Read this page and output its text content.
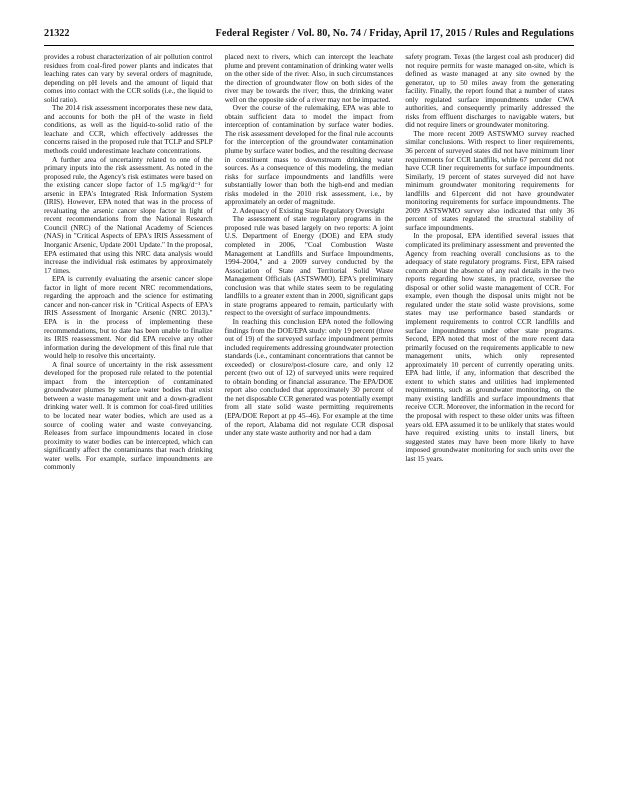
21322	Federal Register / Vol. 80, No. 74 / Friday, April 17, 2015 / Rules and Regulations

provides a robust characterization of air pollution control residues from coal-fired power plants and indicates that leaching rates can vary by several orders of magnitude, depending on pH levels and the amount of liquid that comes into contact with the CCR solids (i.e., the liquid to solid ratio).

The 2014 risk assessment incorporates these new data, and accounts for both the pH of the waste in field conditions, as well as the liquid-to-solid ratio of the leachate and CCR, which effectively addresses the concerns raised in the proposed rule that TCLP and SPLP methods could underestimate leachate concentrations.

A further area of uncertainty related to one of the primary inputs into the risk assessment. As noted in the proposed rule, the Agency's risk estimates were based on the existing cancer slope factor of 1.5 mg/kg/d⁻¹ for arsenic in EPA's Integrated Risk Information System (IRIS). However, EPA noted that was in the process of revaluating the arsenic cancer slope factor in light of recent recommendations from the National Research Council (NRC) of the National Academy of Sciences (NAS) in "Critical Aspects of EPA's IRIS Assessment of Inorganic Arsenic, Update 2001 Update." In the proposal, EPA estimated that using this NRC data analysis would increase the individual risk estimates by approximately 17 times.

EPA is currently evaluating the arsenic cancer slope factor in light of more recent NRC recommendations, regarding the approach and the science for estimating cancer and non-cancer risk in "Critical Aspects of EPA's IRIS Assessment of Inorganic Arsenic (NRC 2013)." EPA is in the process of implementing these recommendations, but to date has been unable to finalize its IRIS reassessment. Nor did EPA receive any other information during the development of this final rule that would help to resolve this uncertainty.

A final source of uncertainty in the risk assessment developed for the proposed rule related to the potential impact from the interception of contaminated groundwater plumes by surface water bodies that exist between a waste management unit and a down-gradient drinking water well. It is common for coal-fired utilities to be located near water bodies, which are used as a source of cooling water and waste conveyancing. Releases from surface impoundments located in close proximity to water bodies can be intercepted, which can significantly affect the contaminants that reach drinking water wells. For example, surface impoundments are commonly

placed next to rivers, which can intercept the leachate plume and prevent contamination of drinking water wells on the other side of the river. Also, in such circumstances the direction of groundwater flow on both sides of the river may be towards the river; thus, the drinking water well on the opposite side of a river may not be impacted.

Over the course of the rulemaking, EPA was able to obtain sufficient data to model the impact from interception of contamination by surface water bodies. The risk assessment developed for the final rule accounts for the interception of the groundwater contamination plume by surface water bodies, and the resulting decrease in constituent mass to downstream drinking water sources. As a consequence of this modeling, the median risks for surface impoundments and landfills were substantially lower than both the high-end and median risks modeled in the 2010 risk assessment, i.e., by approximately an order of magnitude.

2. Adequacy of Existing State Regulatory Oversight

The assessment of state regulatory programs in the proposed rule was based largely on two reports: A joint U.S. Department of Energy (DOE) and EPA study completed in 2006, "Coal Combustion Waste Management at Landfills and Surface Impoundments, 1994–2004," and a 2009 survey conducted by the Association of State and Territorial Solid Waste Management Officials (ASTSWMO). EPA's preliminary conclusion was that while states seem to be regulating landfills to a greater extent than in 2000, significant gaps in state programs appeared to remain, particularly with respect to the oversight of surface impoundments.

In reaching this conclusion EPA noted the following findings from the DOE/EPA study: only 19 percent (three out of 19) of the surveyed surface impoundment permits included requirements addressing groundwater protection standards (i.e., contaminant concentrations that cannot be exceeded) or closure/post-closure care, and only 12 percent (two out of 12) of surveyed units were required to obtain bonding or financial assurance. The EPA/DOE report also concluded that approximately 30 percent of the net disposable CCR generated was potentially exempt from all state solid waste permitting requirements (EPA/DOE Report at pp 45–46). For example at the time of the report, Alabama did not regulate CCR disposal under any state waste authority and nor had a dam

safety program. Texas (the largest coal ash producer) did not require permits for waste managed on-site, which is defined as waste managed at any site owned by the generator, up to 50 miles away from the generating facility. Finally, the report found that a number of states only regulated surface impoundments under CWA authorities, and consequently primarily addressed the risks from effluent discharges to navigable waters, but did not require liners or groundwater monitoring.

The more recent 2009 ASTSWMO survey reached similar conclusions. With respect to liner requirements, 36 percent of surveyed states did not have minimum liner requirements for CCR landfills, while 67 percent did not have CCR liner requirements for surface impoundments. Similarly, 19 percent of states surveyed did not have minimum groundwater monitoring requirements for landfills and 61percent did not have groundwater monitoring requirements for surface impoundments. The 2009 ASTSWMO survey also indicated that only 36 percent of states regulated the structural stability of surface impoundments.

In the proposal, EPA identified several issues that complicated its preliminary assessment and prevented the Agency from reaching overall conclusions as to the adequacy of state regulatory programs. First, EPA raised concern about the absence of any real details in the two reports regarding how states, in practice, oversee the disposal or other solid waste management of CCR. For example, even though the disposal units might not be regulated under the state solid waste provisions, some states may use performance based standards or implement requirements to control CCR landfills and surface impoundments under other state programs. Second, EPA noted that most of the more recent data primarily focused on the requirements applicable to new management units, which only represented approximately 10 percent of currently operating units. EPA had little, if any, information that described the extent to which states and utilities had implemented requirements, such as groundwater monitoring, on the many existing landfills and surface impoundments that receive CCR. Moreover, the information in the record for the proposal with respect to these older units was fifteen years old. EPA assumed it to be unlikely that states would have required existing units to install liners, but suggested states may have been more likely to have imposed groundwater monitoring for such units over the last 15 years.
